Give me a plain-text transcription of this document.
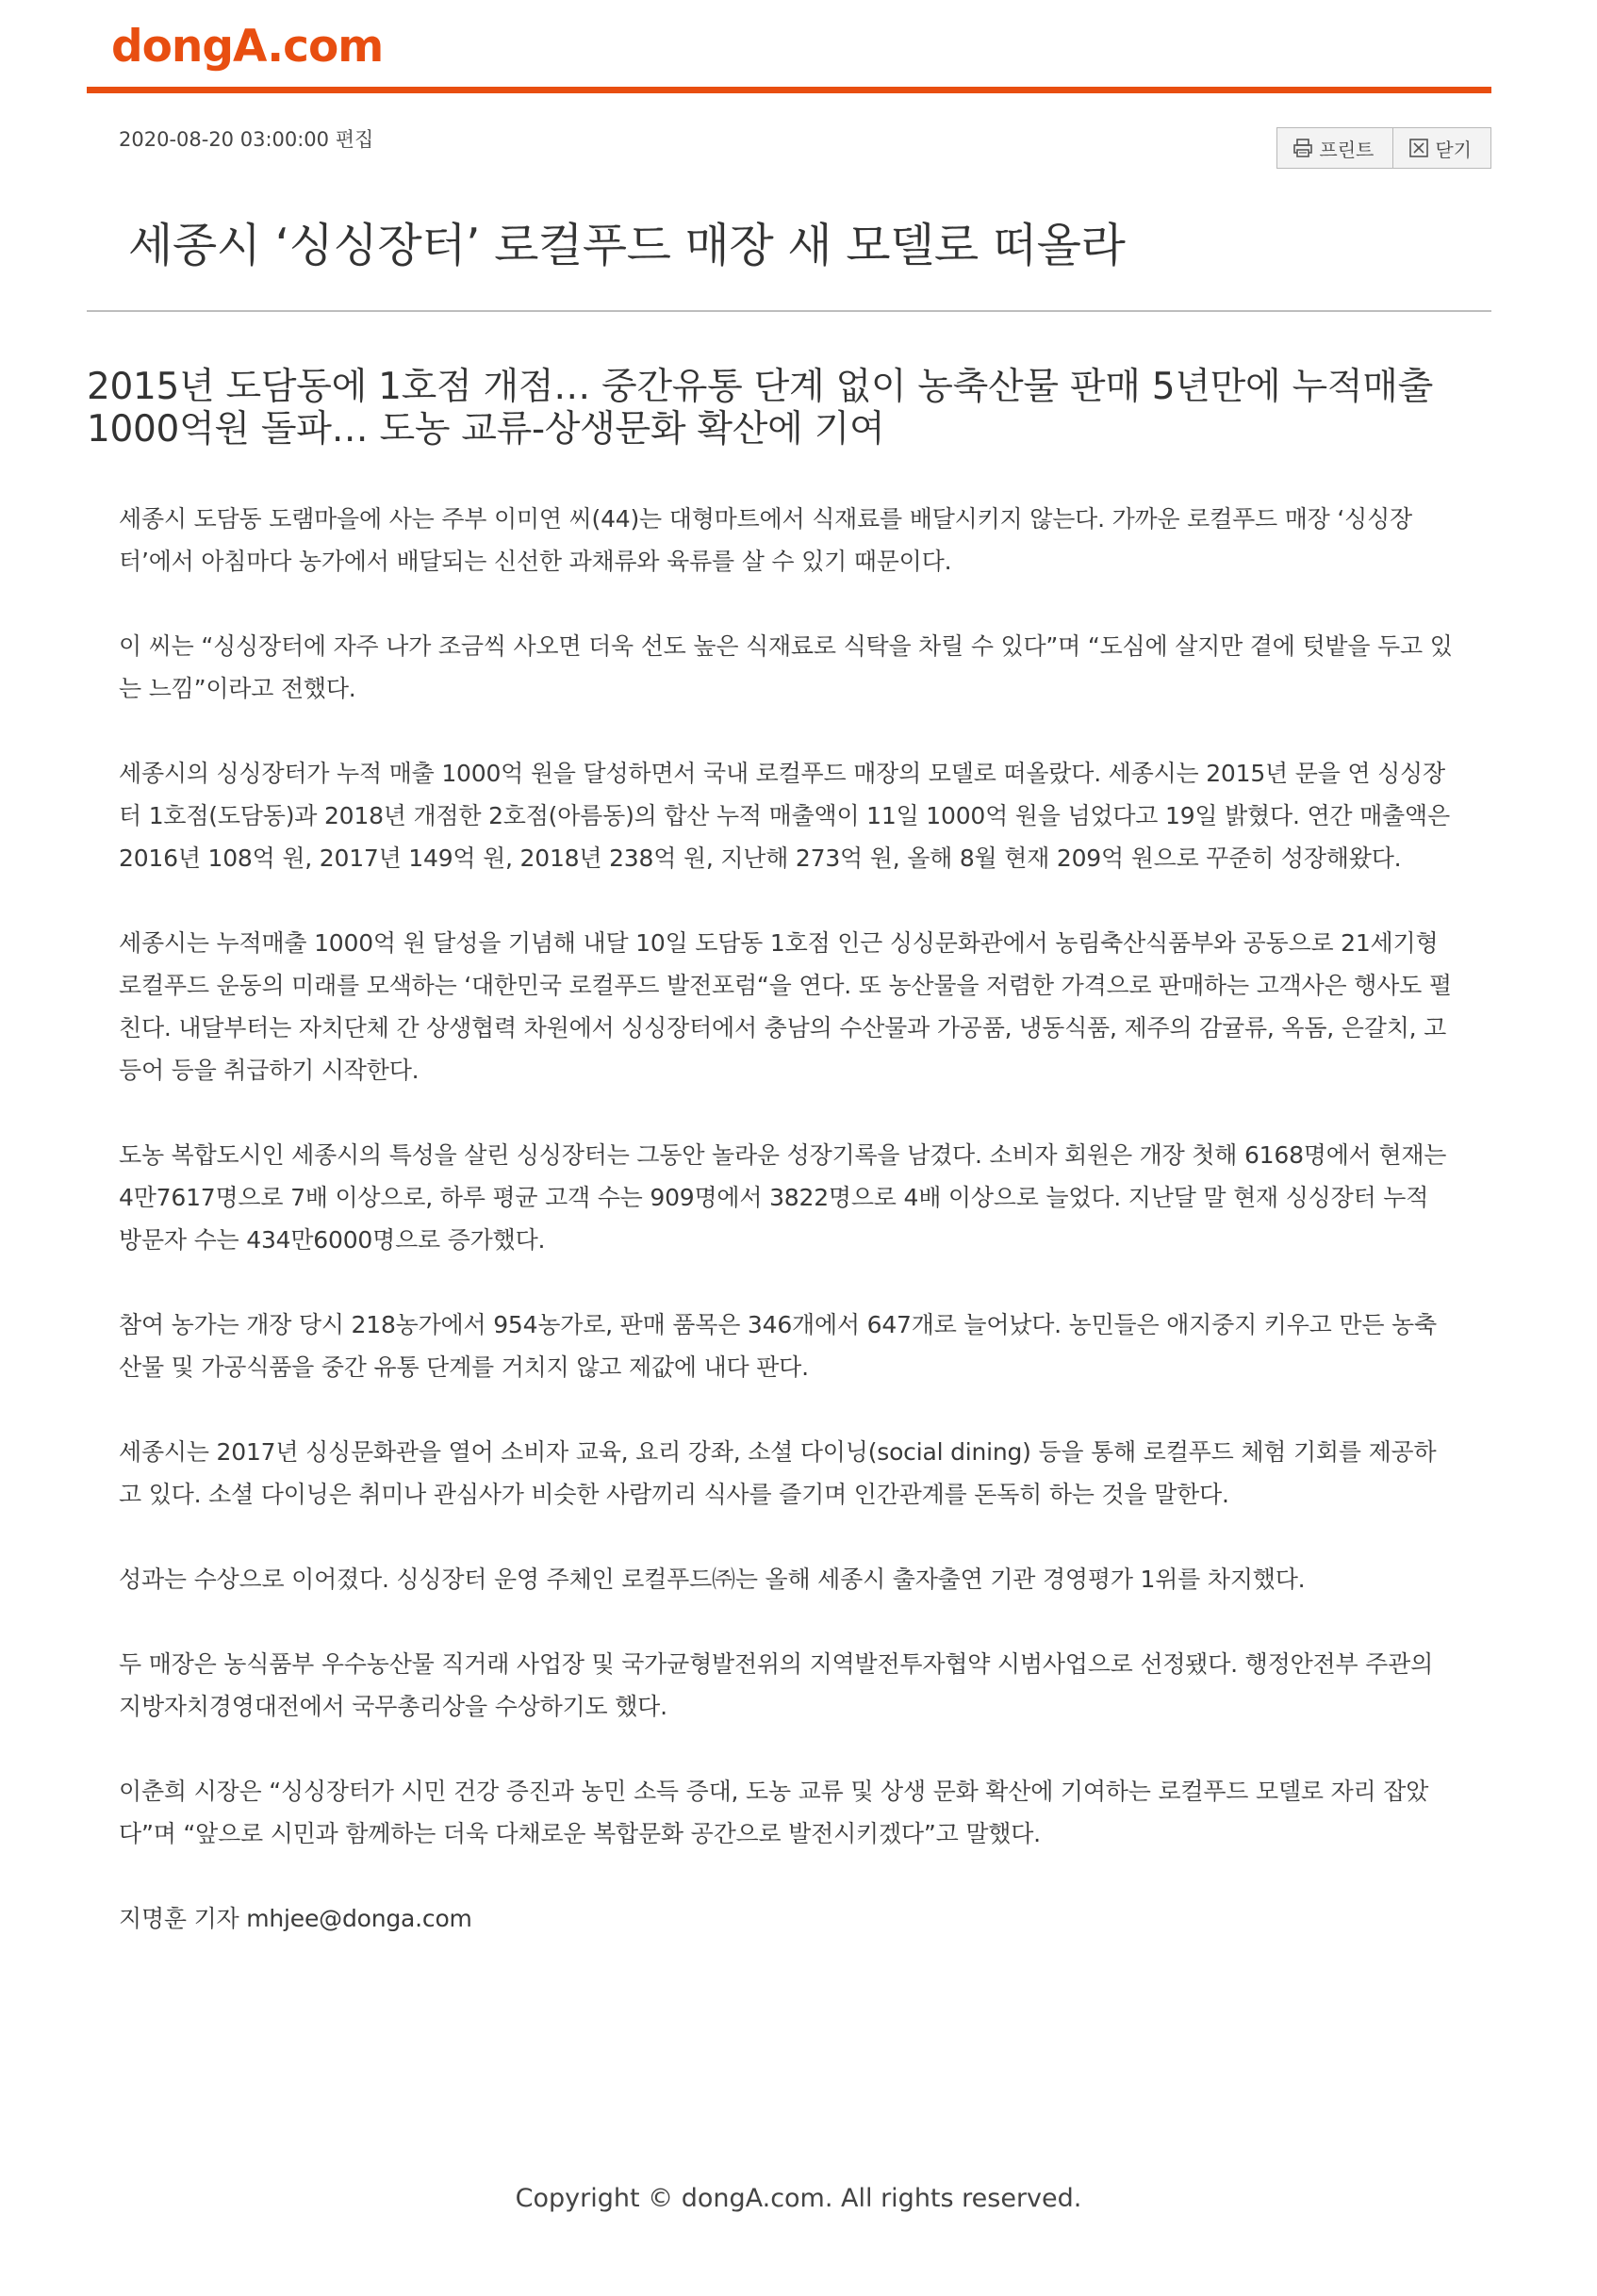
dongA.com
2020-08-20 03:00:00 편집	프린트	닫기
세종시 ‘싱싱장터’ 로컬푸드 매장 새 모델로 떠올라
2015년 도담동에 1호점 개점… 중간유통 단계 없이 농축산물 판매 5년만에 누적매출 1000억원 돌파… 도농 교류-상생문화 확산에 기여

세종시 도담동 도램마을에 사는 주부 이미연 씨(44)는 대형마트에서 식재료를 배달시키지 않는다. 가까운 로컬푸드 매장 ‘싱싱장터’에서 아침마다 농가에서 배달되는 신선한 과채류와 육류를 살 수 있기 때문이다.

이 씨는 “싱싱장터에 자주 나가 조금씩 사오면 더욱 선도 높은 식재료로 식탁을 차릴 수 있다”며 “도심에 살지만 곁에 텃밭을 두고 있는 느낌”이라고 전했다.

세종시의 싱싱장터가 누적 매출 1000억 원을 달성하면서 국내 로컬푸드 매장의 모델로 떠올랐다. 세종시는 2015년 문을 연 싱싱장터 1호점(도담동)과 2018년 개점한 2호점(아름동)의 합산 누적 매출액이 11일 1000억 원을 넘었다고 19일 밝혔다. 연간 매출액은 2016년 108억 원, 2017년 149억 원, 2018년 238억 원, 지난해 273억 원, 올해 8월 현재 209억 원으로 꾸준히 성장해왔다.

세종시는 누적매출 1000억 원 달성을 기념해 내달 10일 도담동 1호점 인근 싱싱문화관에서 농림축산식품부와 공동으로 21세기형 로컬푸드 운동의 미래를 모색하는 ‘대한민국 로컬푸드 발전포럼“을 연다. 또 농산물을 저렴한 가격으로 판매하는 고객사은 행사도 펼친다. 내달부터는 자치단체 간 상생협력 차원에서 싱싱장터에서 충남의 수산물과 가공품, 냉동식품, 제주의 감귤류, 옥돔, 은갈치, 고등어 등을 취급하기 시작한다.

도농 복합도시인 세종시의 특성을 살린 싱싱장터는 그동안 놀라운 성장기록을 남겼다. 소비자 회원은 개장 첫해 6168명에서 현재는 4만7617명으로 7배 이상으로, 하루 평균 고객 수는 909명에서 3822명으로 4배 이상으로 늘었다. 지난달 말 현재 싱싱장터 누적 방문자 수는 434만6000명으로 증가했다.

참여 농가는 개장 당시 218농가에서 954농가로, 판매 품목은 346개에서 647개로 늘어났다. 농민들은 애지중지 키우고 만든 농축산물 및 가공식품을 중간 유통 단계를 거치지 않고 제값에 내다 판다.

세종시는 2017년 싱싱문화관을 열어 소비자 교육, 요리 강좌, 소셜 다이닝(social dining) 등을 통해 로컬푸드 체험 기회를 제공하고 있다. 소셜 다이닝은 취미나 관심사가 비슷한 사람끼리 식사를 즐기며 인간관계를 돈독히 하는 것을 말한다.

성과는 수상으로 이어졌다. 싱싱장터 운영 주체인 로컬푸드㈜는 올해 세종시 출자출연 기관 경영평가 1위를 차지했다.

두 매장은 농식품부 우수농산물 직거래 사업장 및 국가균형발전위의 지역발전투자협약 시범사업으로 선정됐다. 행정안전부 주관의 지방자치경영대전에서 국무총리상을 수상하기도 했다.

이춘희 시장은 “싱싱장터가 시민 건강 증진과 농민 소득 증대, 도농 교류 및 상생 문화 확산에 기여하는 로컬푸드 모델로 자리 잡았다”며 “앞으로 시민과 함께하는 더욱 다채로운 복합문화 공간으로 발전시키겠다”고 말했다.

지명훈 기자 mhjee@donga.com

Copyright © dongA.com. All rights reserved.
